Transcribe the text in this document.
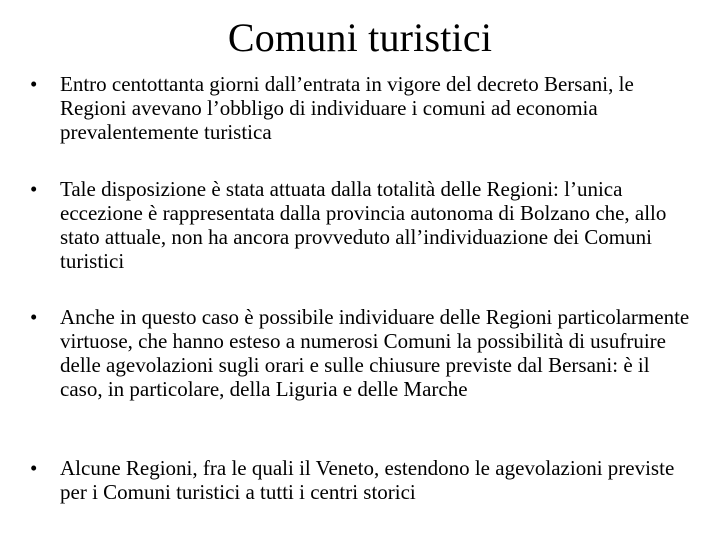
Comuni turistici
•	Entro centottanta giorni dall’entrata in vigore del decreto Bersani, le Regioni avevano l’obbligo di individuare i comuni ad economia prevalentemente turistica
•	Tale disposizione è stata attuata dalla totalità delle Regioni: l’unica eccezione è rappresentata dalla provincia autonoma di Bolzano che, allo stato attuale, non ha ancora provveduto all’individuazione dei Comuni turistici
•	Anche in questo caso è possibile individuare delle Regioni particolarmente virtuose, che hanno esteso a numerosi Comuni la possibilità di usufruire delle agevolazioni sugli orari e sulle chiusure previste dal Bersani: è il caso, in particolare, della Liguria e delle Marche
•	Alcune Regioni, fra le quali il Veneto, estendono le agevolazioni previste per i Comuni turistici a tutti i centri storici
